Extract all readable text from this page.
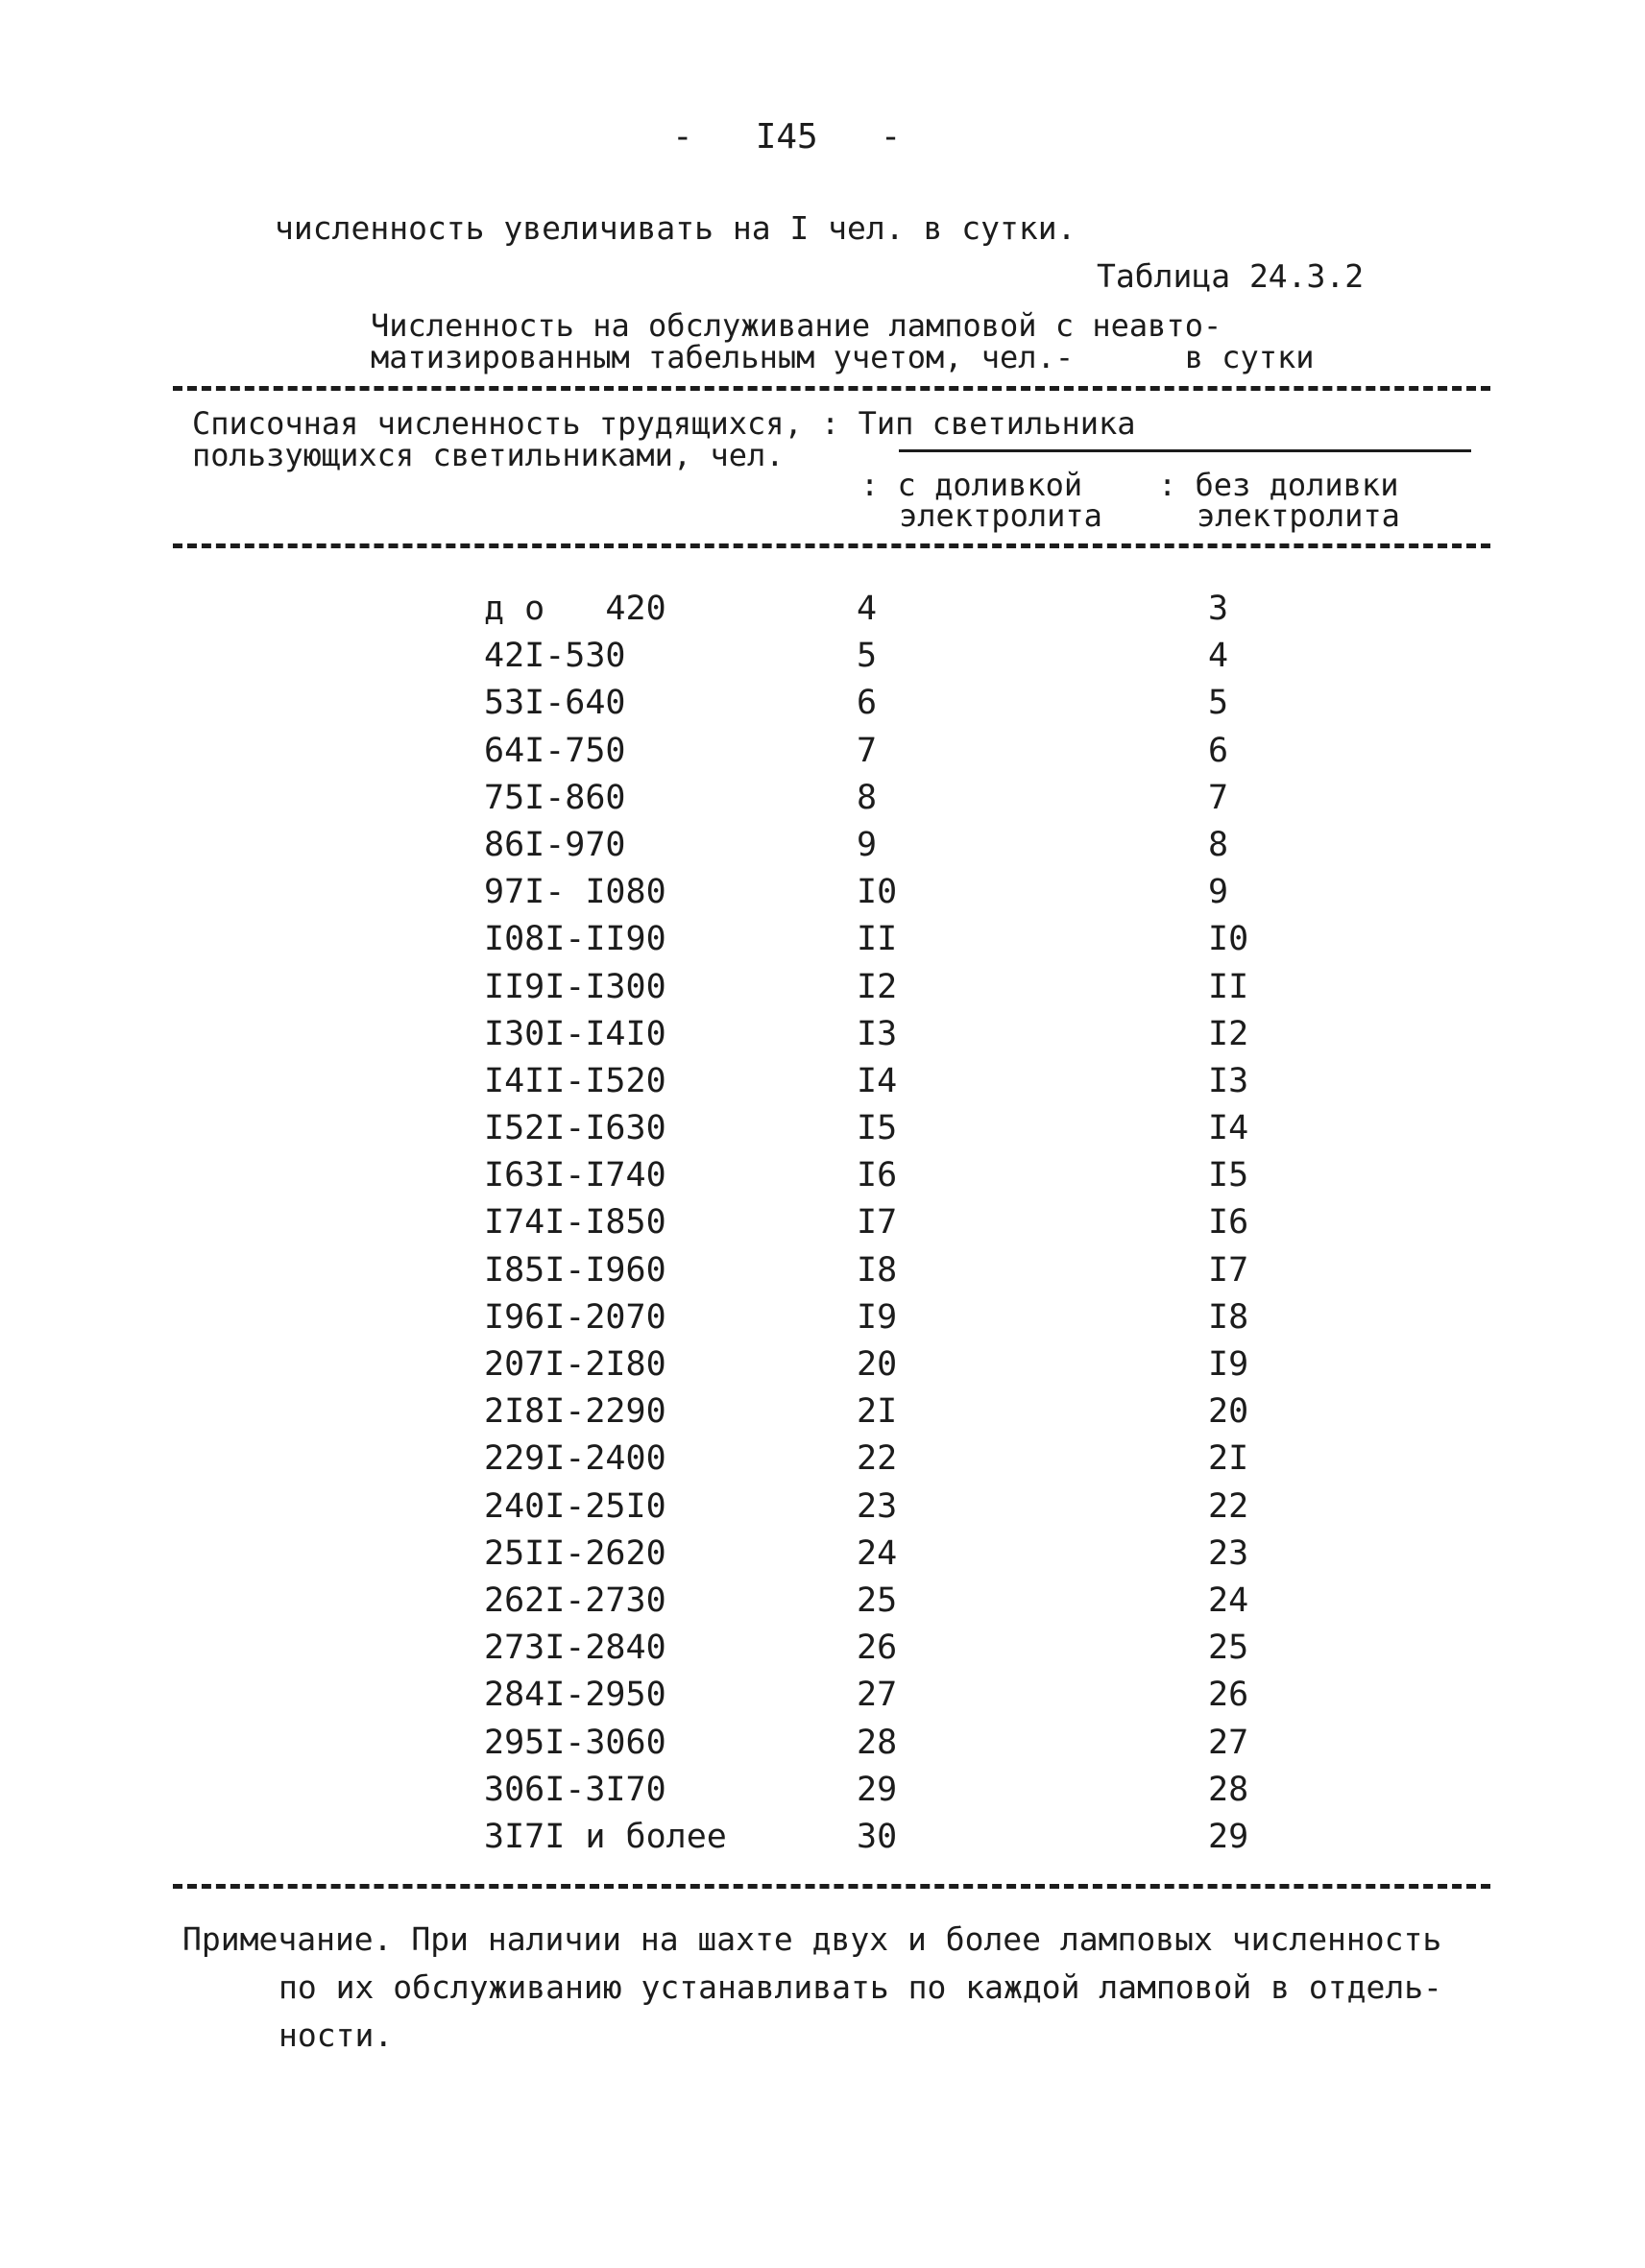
-   I45   -
численность увеличивать на I чел. в сутки.
Таблица 24.3.2
Численность на обслуживание ламповой с неавто-
матизированным табельным учетом, чел.-      в сутки
Списочная численность трудящихся, : Тип светильника
пользующихся светильниками, чел.
: с доливкой
электролита
: без доливки
электролита
д о   420	4	3
42I-530	5	4
53I-640	6	5
64I-750	7	6
75I-860	8	7
86I-970	9	8
97I- I080	I0	9
I08I-II90	II	I0
II9I-I300	I2	II
I30I-I4I0	I3	I2
I4II-I520	I4	I3
I52I-I630	I5	I4
I63I-I740	I6	I5
I74I-I850	I7	I6
I85I-I960	I8	I7
I96I-2070	I9	I8
207I-2I80	20	I9
2I8I-2290	2I	20
229I-2400	22	2I
240I-25I0	23	22
25II-2620	24	23
262I-2730	25	24
273I-2840	26	25
284I-2950	27	26
295I-3060	28	27
306I-3I70	29	28
3I7I и более	30	29
Примечание. При наличии на шахте двух и более ламповых численность
по их обслуживанию устанавливать по каждой ламповой в отдель-
ности.
